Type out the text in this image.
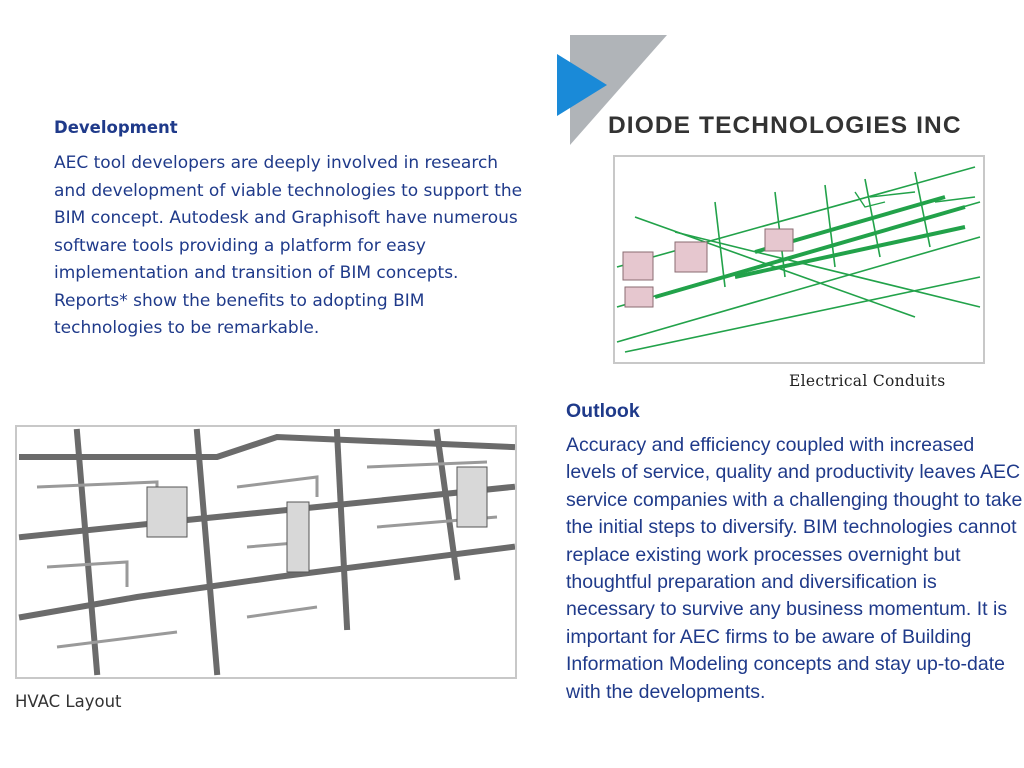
Development
AEC tool developers are deeply involved in research and development of viable technologies to support the BIM concept. Autodesk and Graphisoft have numerous software tools providing a platform for easy implementation and transition of BIM concepts. Reports* show the benefits to adopting BIM technologies to be remarkable.
DIODE TECHNOLOGIES INC
Electrical Conduits
HVAC Layout
Outlook
Accuracy and efficiency coupled with increased levels of service, quality and productivity leaves AEC service companies with a challenging thought to take the initial steps to diversify. BIM technologies cannot replace existing work processes overnight but thoughtful preparation and diversification is necessary to survive any business momentum. It is important for AEC firms to be aware of Building Information Modeling concepts and stay up-to-date with the developments.
